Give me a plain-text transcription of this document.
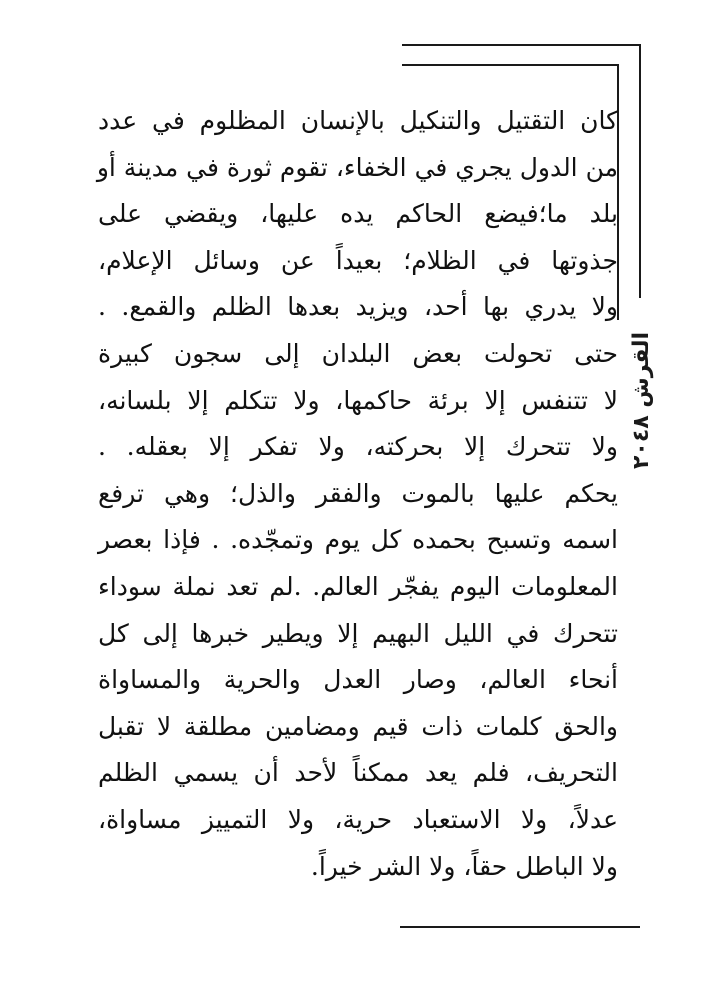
القرش ٢٠٤٨
كان التقتيل والتنكيل بالإنسان المظلوم في عدد
من الدول يجري في الخفاء، تقوم ثورة في مدينة أو
بلد ما؛فيضع الحاكم يده عليها، ويقضي على
جذوتها في الظلام؛ بعيداً عن وسائل الإعلام،
ولا يدري بها أحد، ويزيد بعدها الظلم والقمع. .
حتى تحولت بعض البلدان إلى سجون كبيرة
لا تتنفس إلا برئة حاكمها، ولا تتكلم إلا بلسانه،
ولا تتحرك إلا بحركته، ولا تفكر إلا بعقله. .
يحكم عليها بالموت والفقر والذل؛ وهي ترفع
اسمه وتسبح بحمده كل يوم وتمجّده. . فإذا بعصر
المعلومات اليوم يفجّر العالم. .لم تعد نملة سوداء
تتحرك في الليل البهيم إلا ويطير خبرها إلى كل
أنحاء العالم، وصار العدل والحرية والمساواة
والحق كلمات ذات قيم ومضامين مطلقة لا تقبل
التحريف، فلم يعد ممكناً لأحد أن يسمي الظلم
عدلاً، ولا الاستعباد حرية، ولا التمييز مساواة،
ولا الباطل حقاً، ولا الشر خيراً.
